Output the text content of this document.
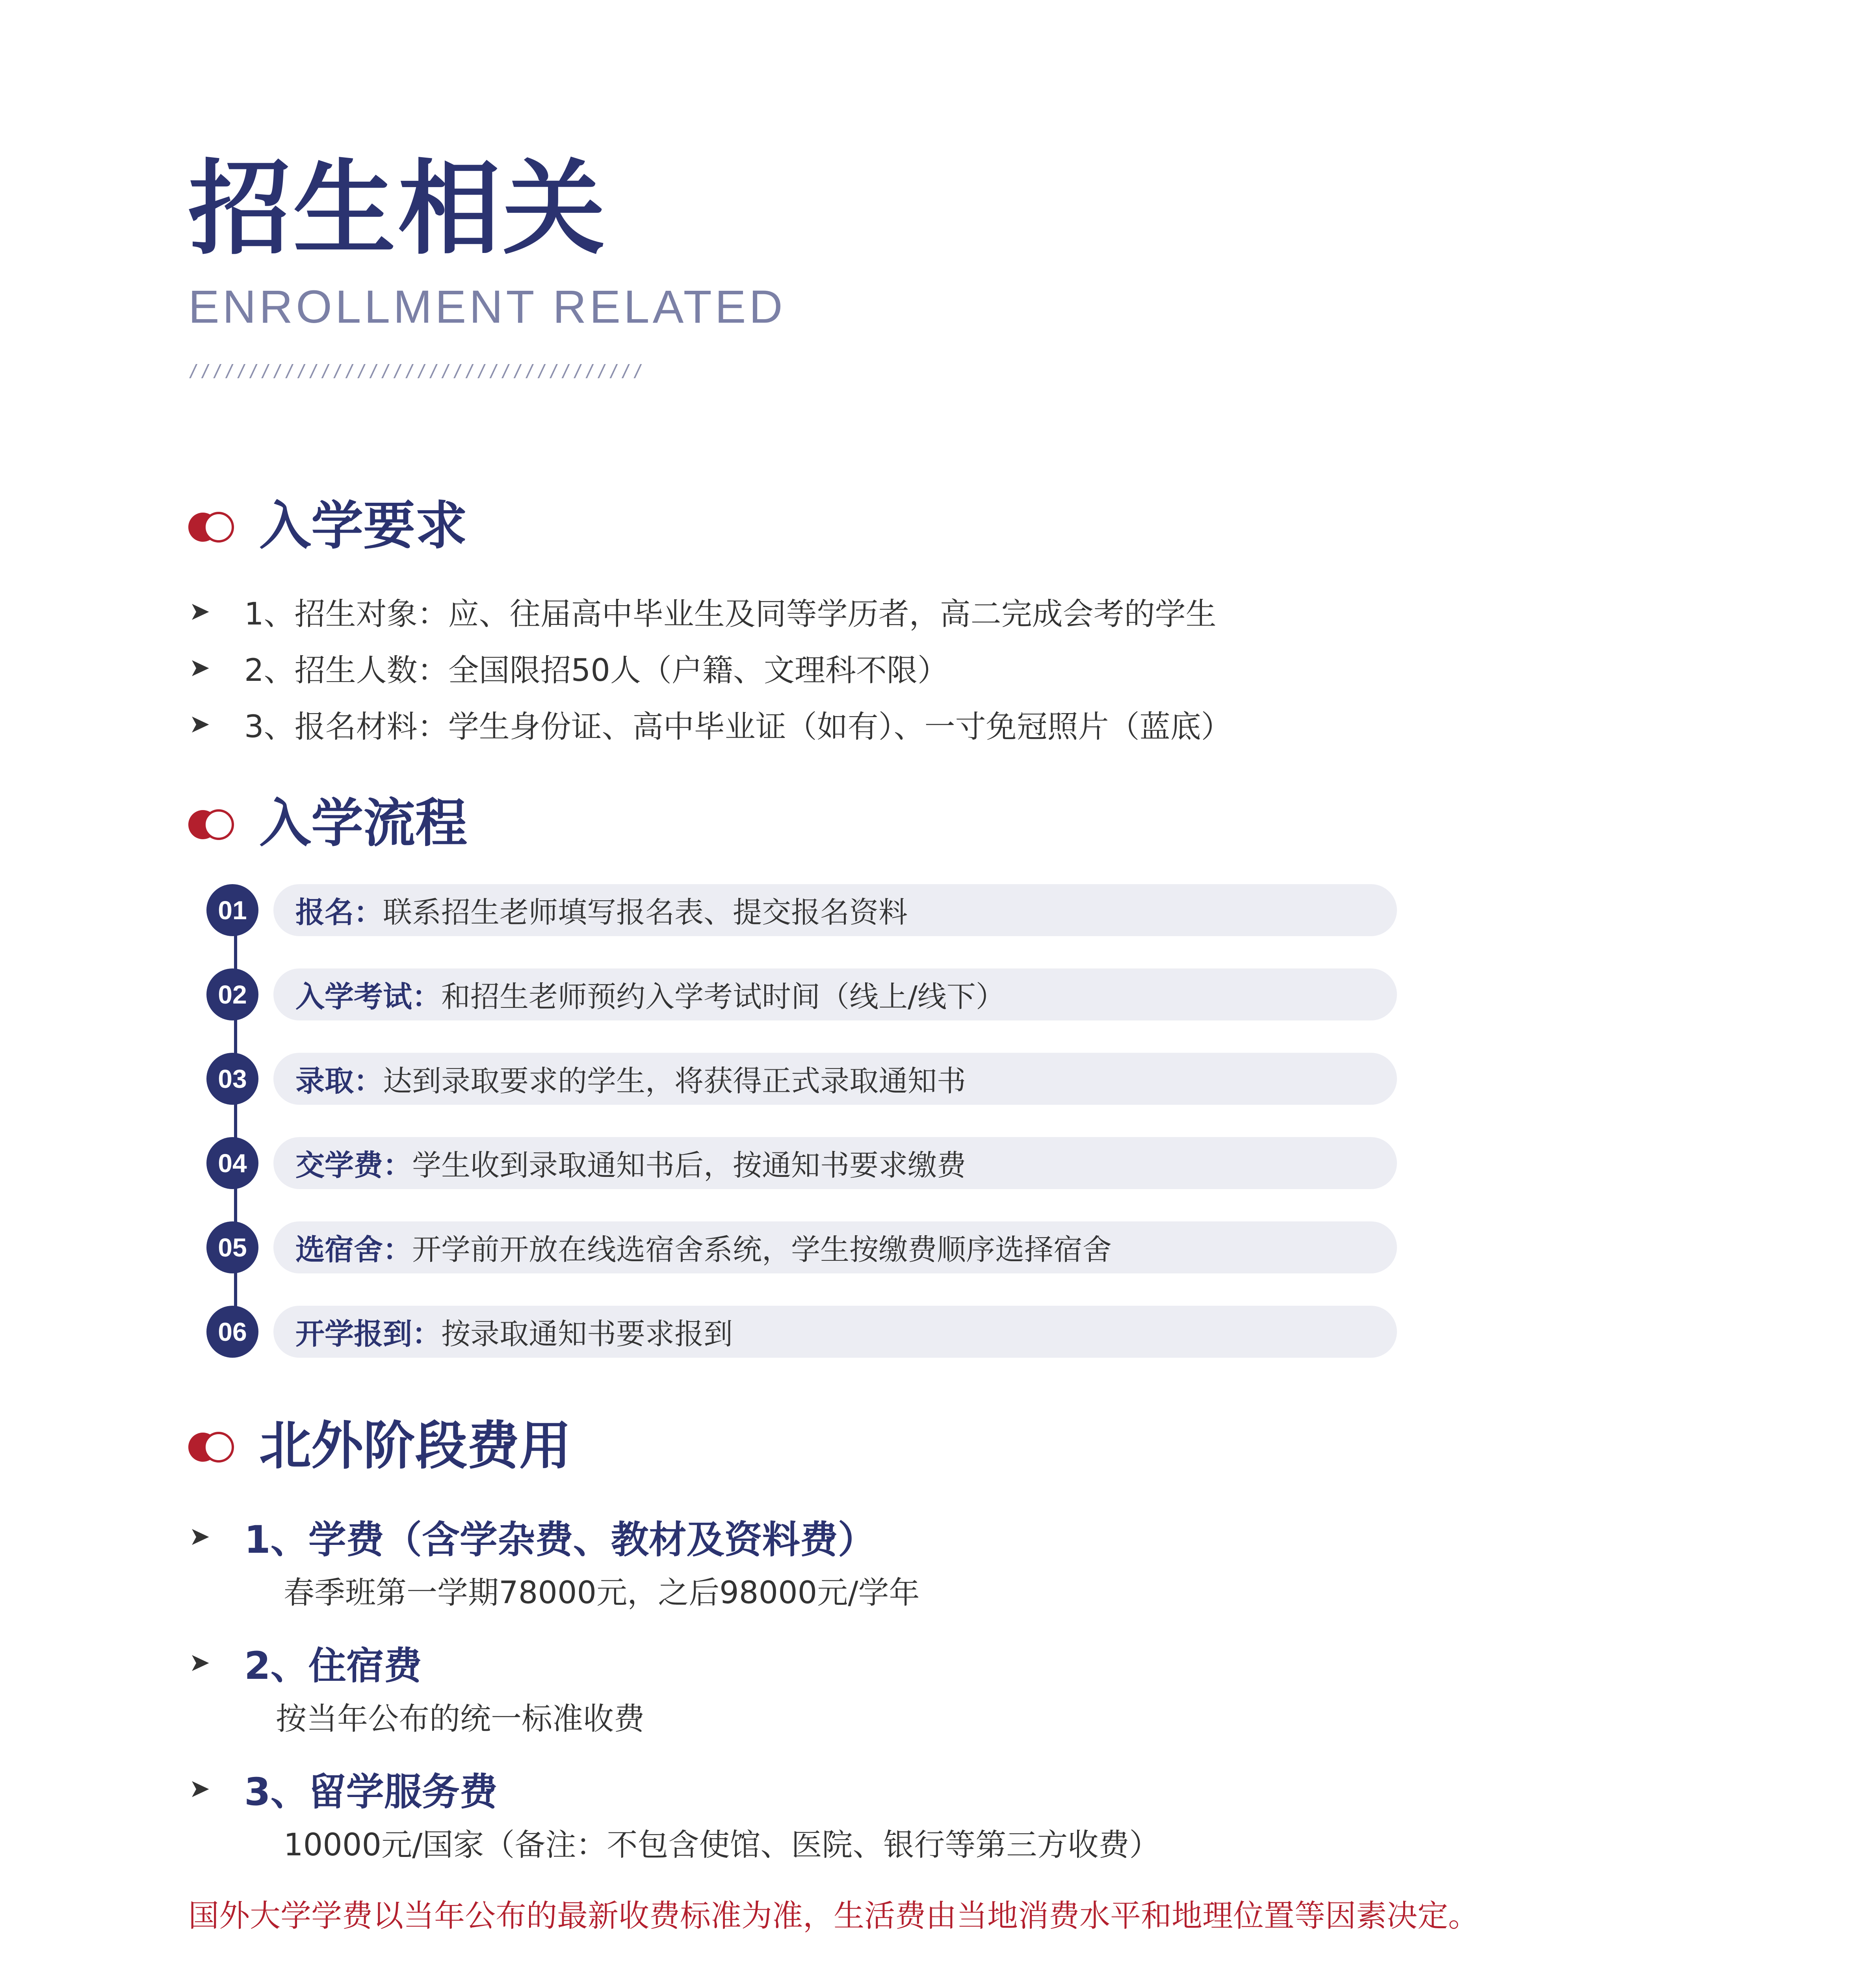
招生相关
ENROLLMENT RELATED
//////////////////////////////////////
入学要求
➤	1、招生对象：应、往届高中毕业生及同等学历者，高二完成会考的学生
➤	2、招生人数：全国限招50人（户籍、文理科不限）
➤	3、报名材料：学生身份证、高中毕业证（如有）、一寸免冠照片（蓝底）
入学流程
01	报名： 联系招生老师填写报名表、提交报名资料
02	入学考试： 和招生老师预约入学考试时间（线上/线下）
03	录取： 达到录取要求的学生，将获得正式录取通知书
04	交学费： 学生收到录取通知书后，按通知书要求缴费
05	选宿舍： 开学前开放在线选宿舍系统，学生按缴费顺序选择宿舍
06	开学报到： 按录取通知书要求报到
北外阶段费用
➤ 1、学费（含学杂费、教材及资料费）
春季班第一学期78000元，之后98000元/学年
➤ 2、住宿费
按当年公布的统一标准收费
➤ 3、留学服务费
10000元/国家（备注：不包含使馆、医院、银行等第三方收费）
国外大学学费以当年公布的最新收费标准为准，生活费由当地消费水平和地理位置等因素决定。
